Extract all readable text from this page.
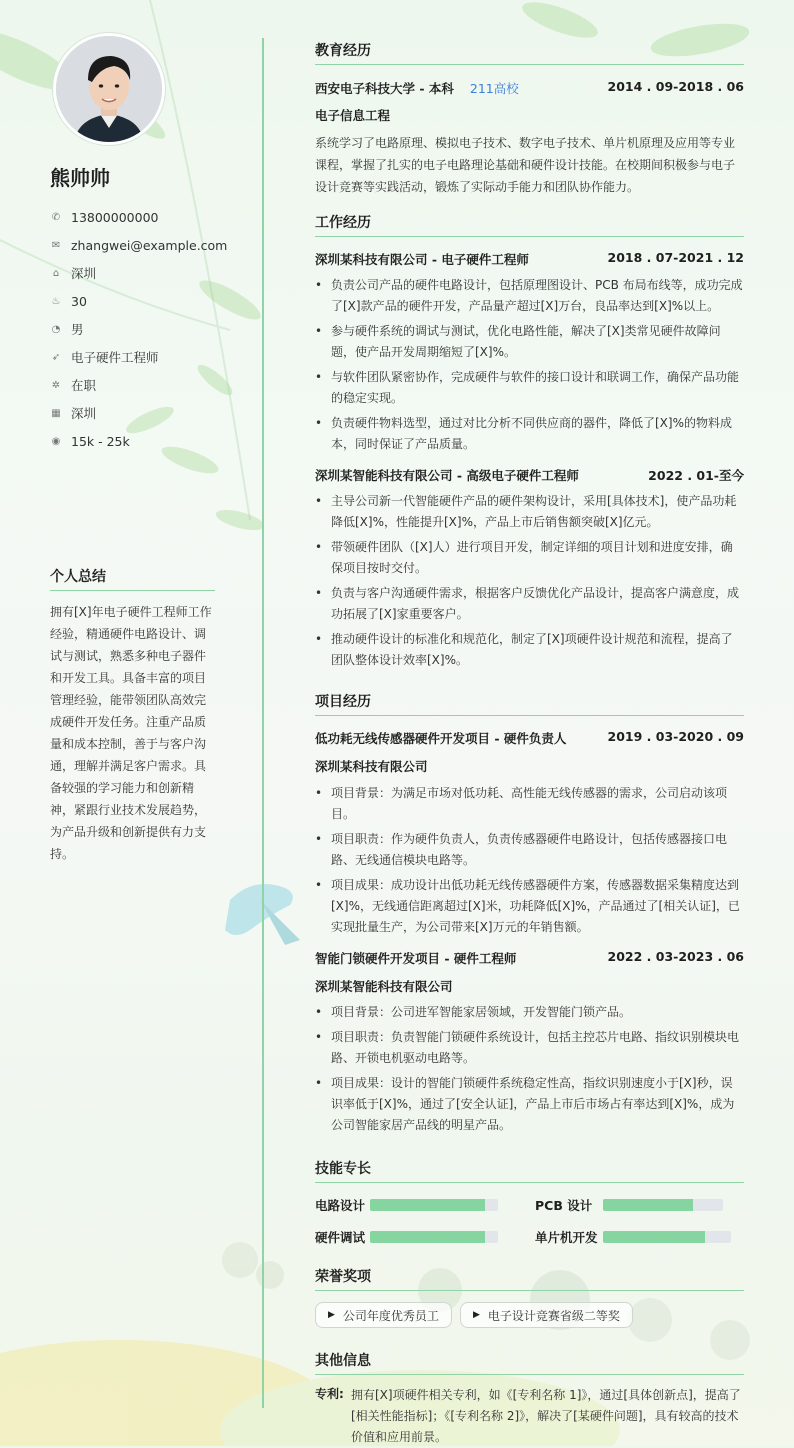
熊帅帅
✆ 13800000000
✉ zhangwei@example.com
⌂ 深圳
♨ 30
◔ 男
➶ 电子硬件工程师
✲ 在职
▦ 深圳
◉ 15k - 25k
个人总结

拥有[X]年电子硬件工程师工作经验，精通硬件电路设计、调试与测试，熟悉多种电子器件和开发工具。具备丰富的项目管理经验，能带领团队高效完成硬件开发任务。注重产品质量和成本控制，善于与客户沟通，理解并满足客户需求。具备较强的学习能力和创新精神，紧跟行业技术发展趋势，为产品升级和创新提供有力支持。

教育经历
西安电子科技大学 - 本科 211高校	2014 . 09-2018 . 06
电子信息工程

系统学习了电路原理、模拟电子技术、数字电子技术、单片机原理及应用等专业课程，掌握了扎实的电子电路理论基础和硬件设计技能。在校期间积极参与电子设计竞赛等实践活动，锻炼了实际动手能力和团队协作能力。

工作经历
深圳某科技有限公司 - 电子硬件工程师	2018 . 07-2021 . 12
• 负责公司产品的硬件电路设计，包括原理图设计、PCB 布局布线等，成功完成了[X]款产品的硬件开发，产品量产超过[X]万台，良品率达到[X]%以上。
• 参与硬件系统的调试与测试，优化电路性能，解决了[X]类常见硬件故障问题，使产品开发周期缩短了[X]%。
• 与软件团队紧密协作，完成硬件与软件的接口设计和联调工作，确保产品功能的稳定实现。
• 负责硬件物料选型，通过对比分析不同供应商的器件，降低了[X]%的物料成本，同时保证了产品质量。
深圳某智能科技有限公司 - 高级电子硬件工程师	2022 . 01-至今
• 主导公司新一代智能硬件产品的硬件架构设计，采用[具体技术]，使产品功耗降低[X]%，性能提升[X]%，产品上市后销售额突破[X]亿元。
• 带领硬件团队（[X]人）进行项目开发，制定详细的项目计划和进度安排，确保项目按时交付。
• 负责与客户沟通硬件需求，根据客户反馈优化产品设计，提高客户满意度，成功拓展了[X]家重要客户。
• 推动硬件设计的标准化和规范化，制定了[X]项硬件设计规范和流程，提高了团队整体设计效率[X]%。
项目经历
低功耗无线传感器硬件开发项目 - 硬件负责人	2019 . 03-2020 . 09
深圳某科技有限公司
• 项目背景：为满足市场对低功耗、高性能无线传感器的需求，公司启动该项目。
• 项目职责：作为硬件负责人，负责传感器硬件电路设计，包括传感器接口电路、无线通信模块电路等。
• 项目成果：成功设计出低功耗无线传感器硬件方案，传感器数据采集精度达到[X]%，无线通信距离超过[X]米，功耗降低[X]%，产品通过了[相关认证]，已实现批量生产，为公司带来[X]万元的年销售额。
智能门锁硬件开发项目 - 硬件工程师	2022 . 03-2023 . 06
深圳某智能科技有限公司
• 项目背景：公司进军智能家居领域，开发智能门锁产品。
• 项目职责：负责智能门锁硬件系统设计，包括主控芯片电路、指纹识别模块电路、开锁电机驱动电路等。
• 项目成果：设计的智能门锁硬件系统稳定性高，指纹识别速度小于[X]秒，误识率低于[X]%，通过了[安全认证]，产品上市后市场占有率达到[X]%，成为公司智能家居产品线的明星产品。
技能专长
电路设计	PCB 设计
硬件调试	单片机开发
荣誉奖项
▶ 公司年度优秀员工	▶ 电子设计竞赛省级二等奖
其他信息
专利: 拥有[X]项硬件相关专利，如《[专利名称 1]》，通过[具体创新点]，提高了[相关性能指标]；《[专利名称 2]》，解决了[某硬件问题]，具有较高的技术价值和应用前景。
